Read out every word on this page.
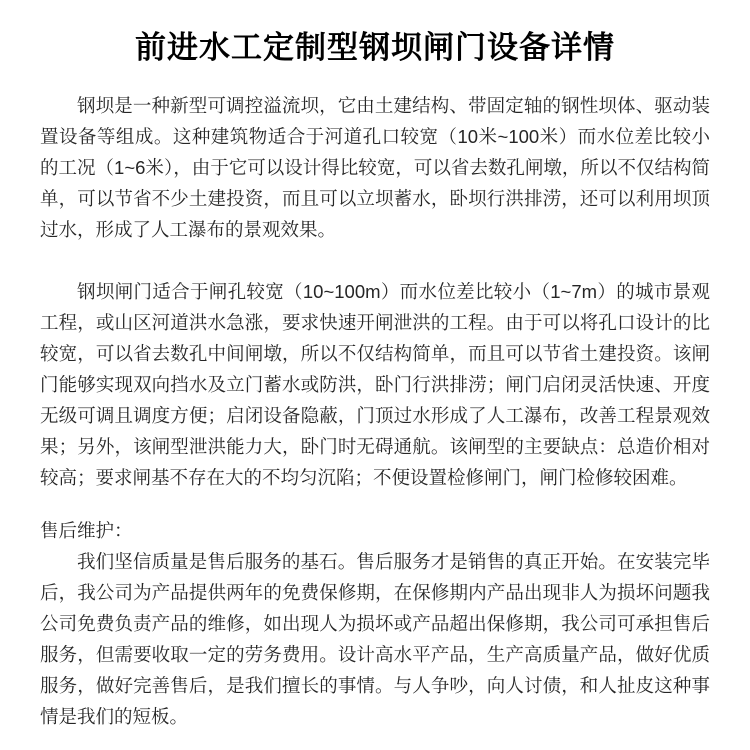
前进水工定制型钢坝闸门设备详情

钢坝是一种新型可调控溢流坝，它由土建结构、带固定轴的钢性坝体、驱动装置设备等组成。这种建筑物适合于河道孔口较宽（10米~100米）而水位差比较小的工况（1~6米），由于它可以设计得比较宽，可以省去数孔闸墩，所以不仅结构简单，可以节省不少土建投资，而且可以立坝蓄水，卧坝行洪排涝，还可以利用坝顶过水，形成了人工瀑布的景观效果。

钢坝闸门适合于闸孔较宽（10~100m）而水位差比较小（1~7m）的城市景观工程，或山区河道洪水急涨，要求快速开闸泄洪的工程。由于可以将孔口设计的比较宽，可以省去数孔中间闸墩，所以不仅结构简单，而且可以节省土建投资。该闸门能够实现双向挡水及立门蓄水或防洪，卧门行洪排涝；闸门启闭灵活快速、开度无级可调且调度方便；启闭设备隐蔽，门顶过水形成了人工瀑布，改善工程景观效果；另外，该闸型泄洪能力大，卧门时无碍通航。该闸型的主要缺点：总造价相对较高；要求闸基不存在大的不均匀沉陷；不便设置检修闸门，闸门检修较困难。

售后维护：

我们坚信质量是售后服务的基石。售后服务才是销售的真正开始。在安装完毕后，我公司为产品提供两年的免费保修期，在保修期内产品出现非人为损坏问题我公司免费负责产品的维修，如出现人为损坏或产品超出保修期，我公司可承担售后服务，但需要收取一定的劳务费用。设计高水平产品，生产高质量产品，做好优质服务，做好完善售后，是我们擅长的事情。与人争吵，向人讨债，和人扯皮这种事情是我们的短板。
